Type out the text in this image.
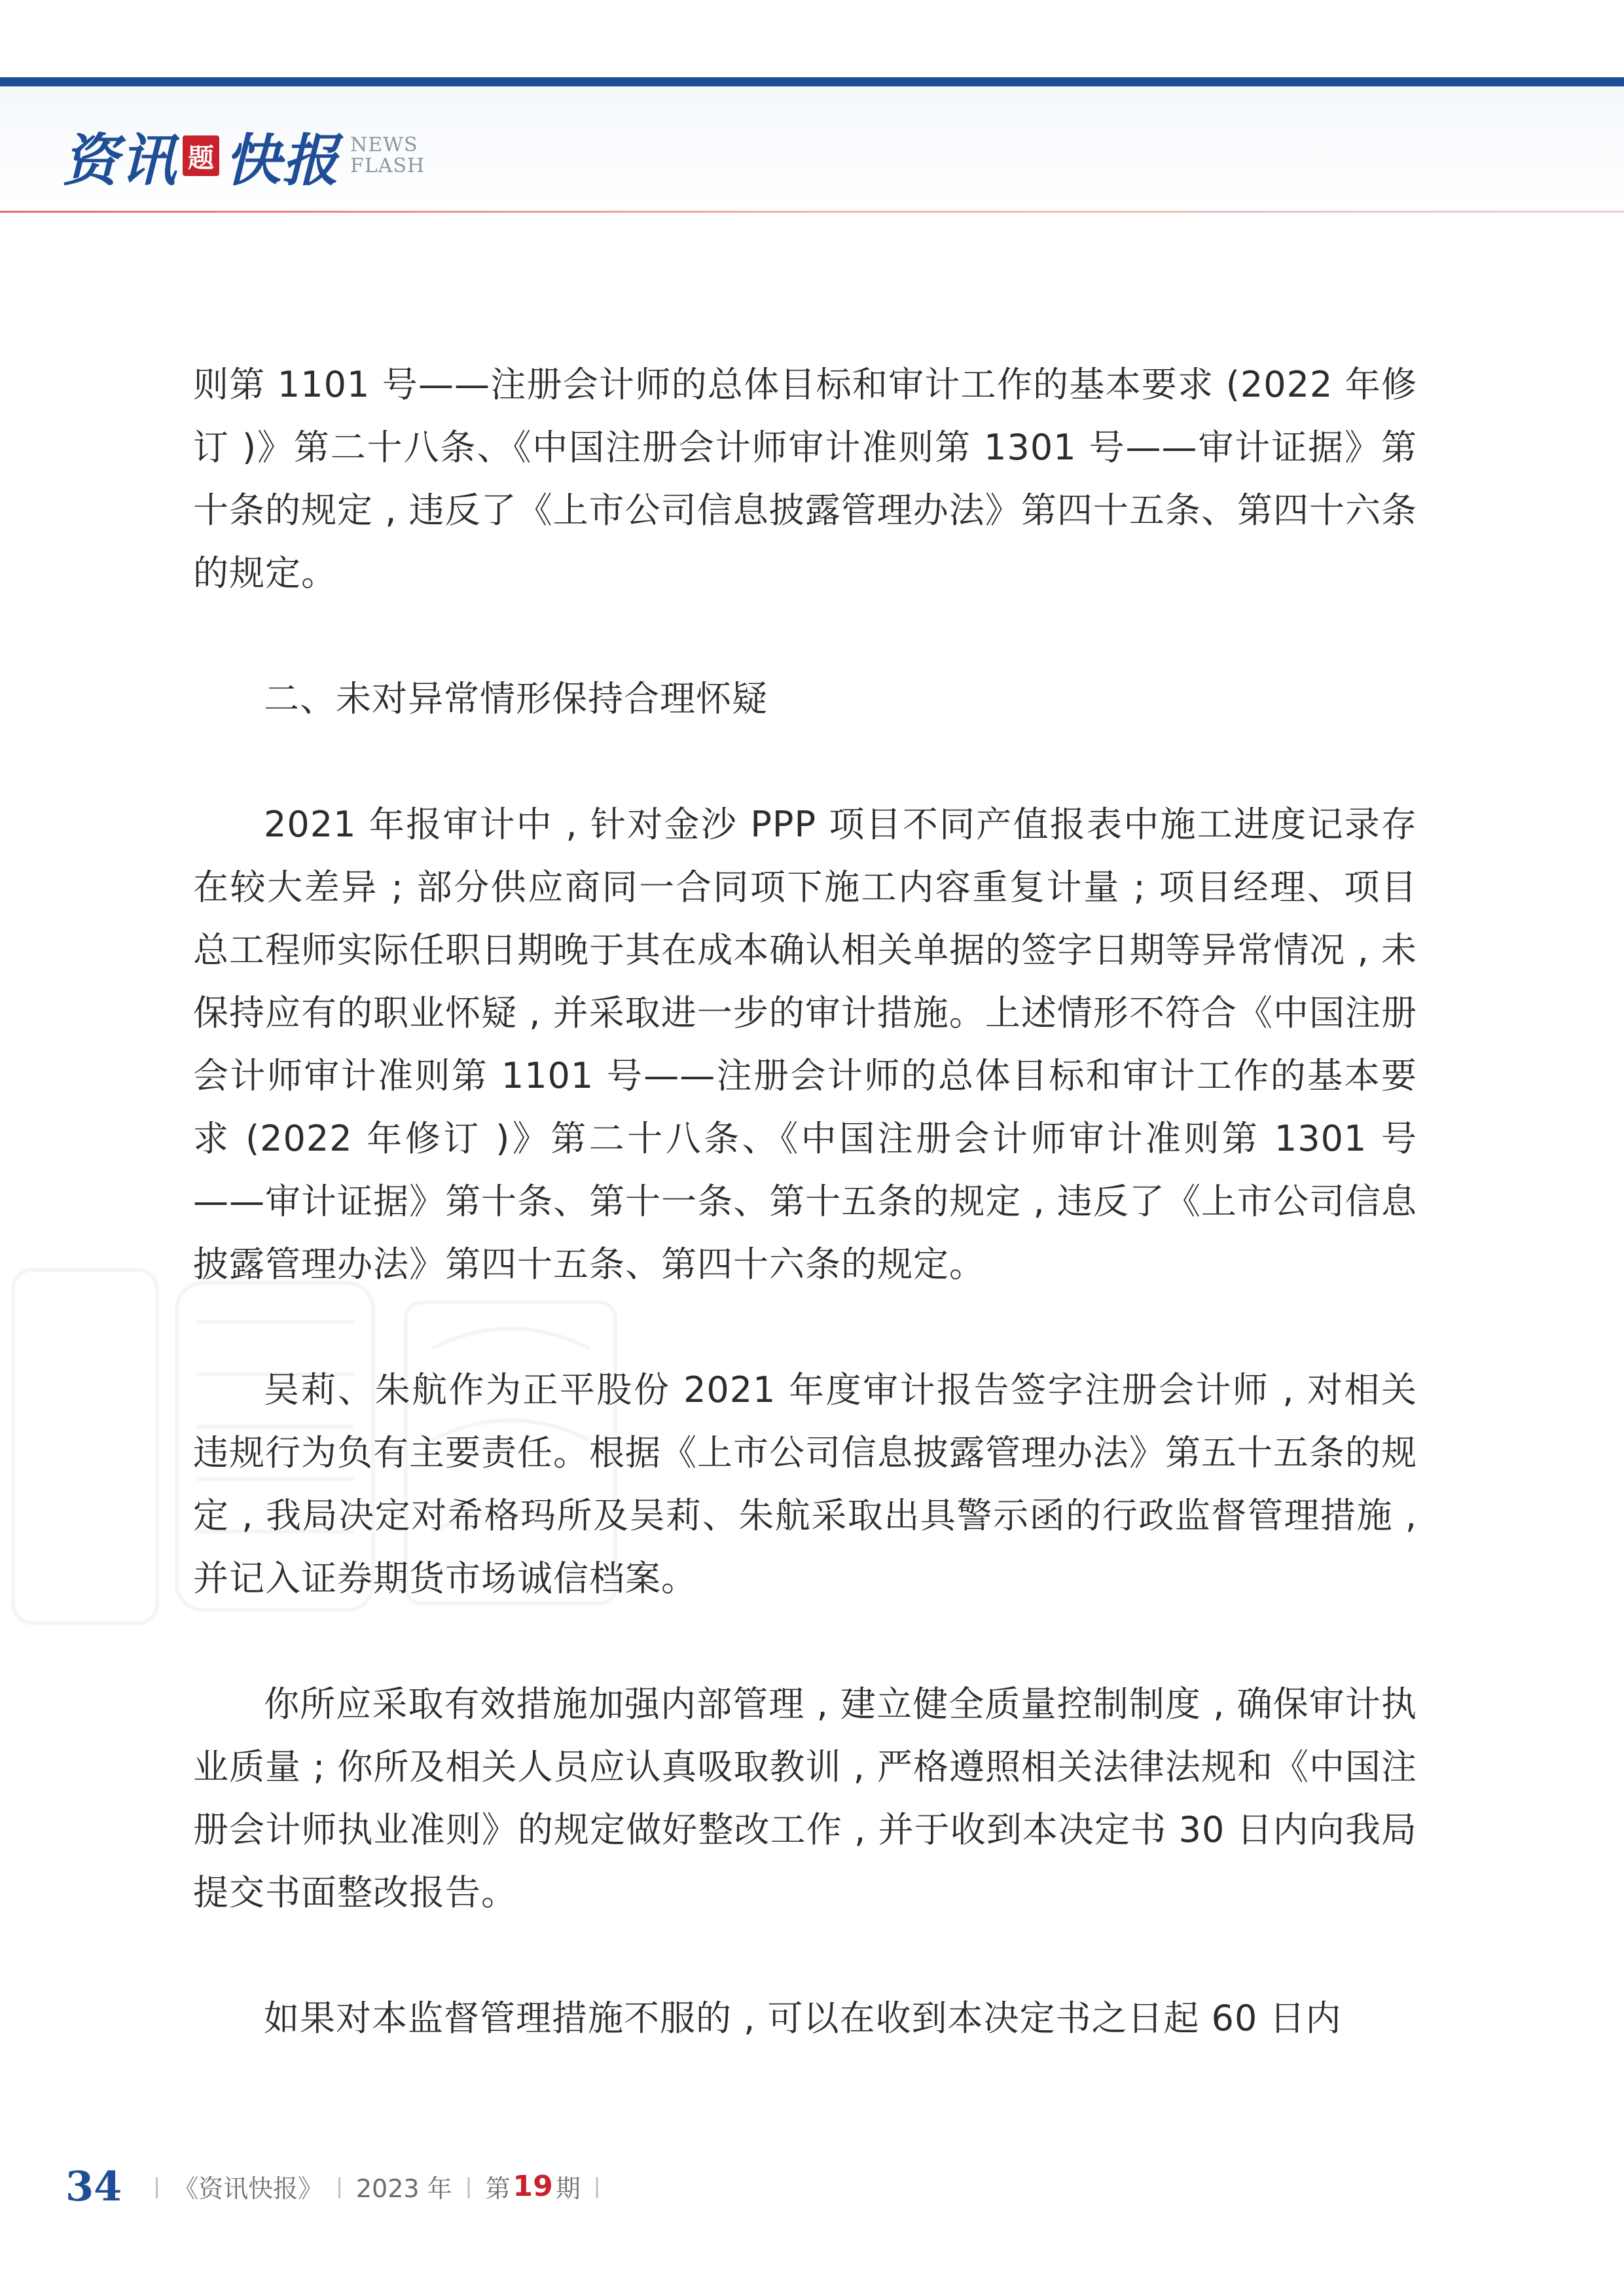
资讯 题 快报 NEWS
FLASH

则第 1101 号——注册会计师的总体目标和审计工作的基本要求 (2022 年修订 )》第二十八条、《中国注册会计师审计准则第 1301 号——审计证据》第十条的规定 , 违反了《上市公司信息披露管理办法》第四十五条、第四十六条的规定。

二、未对异常情形保持合理怀疑

2021 年报审计中 , 针对金沙 PPP 项目不同产值报表中施工进度记录存在较大差异 ; 部分供应商同一合同项下施工内容重复计量 ; 项目经理、项目总工程师实际任职日期晚于其在成本确认相关单据的签字日期等异常情况 , 未保持应有的职业怀疑 , 并采取进一步的审计措施。上述情形不符合《中国注册会计师审计准则第 1101 号——注册会计师的总体目标和审计工作的基本要求 (2022 年修订 )》第二十八条、《中国注册会计师审计准则第 1301 号——审计证据》第十条、第十一条、第十五条的规定 , 违反了《上市公司信息披露管理办法》第四十五条、第四十六条的规定。

吴莉、朱航作为正平股份 2021 年度审计报告签字注册会计师 , 对相关违规行为负有主要责任。根据《上市公司信息披露管理办法》第五十五条的规定 , 我局决定对希格玛所及吴莉、朱航采取出具警示函的行政监督管理措施 , 并记入证券期货市场诚信档案。

你所应采取有效措施加强内部管理 , 建立健全质量控制制度 , 确保审计执业质量 ; 你所及相关人员应认真吸取教训 , 严格遵照相关法律法规和《中国注册会计师执业准则》的规定做好整改工作 , 并于收到本决定书 30 日内向我局提交书面整改报告。

如果对本监督管理措施不服的 , 可以在收到本决定书之日起 60 日内

34 | 《资讯快报》 | 2023 年 | 第 19 期 |
